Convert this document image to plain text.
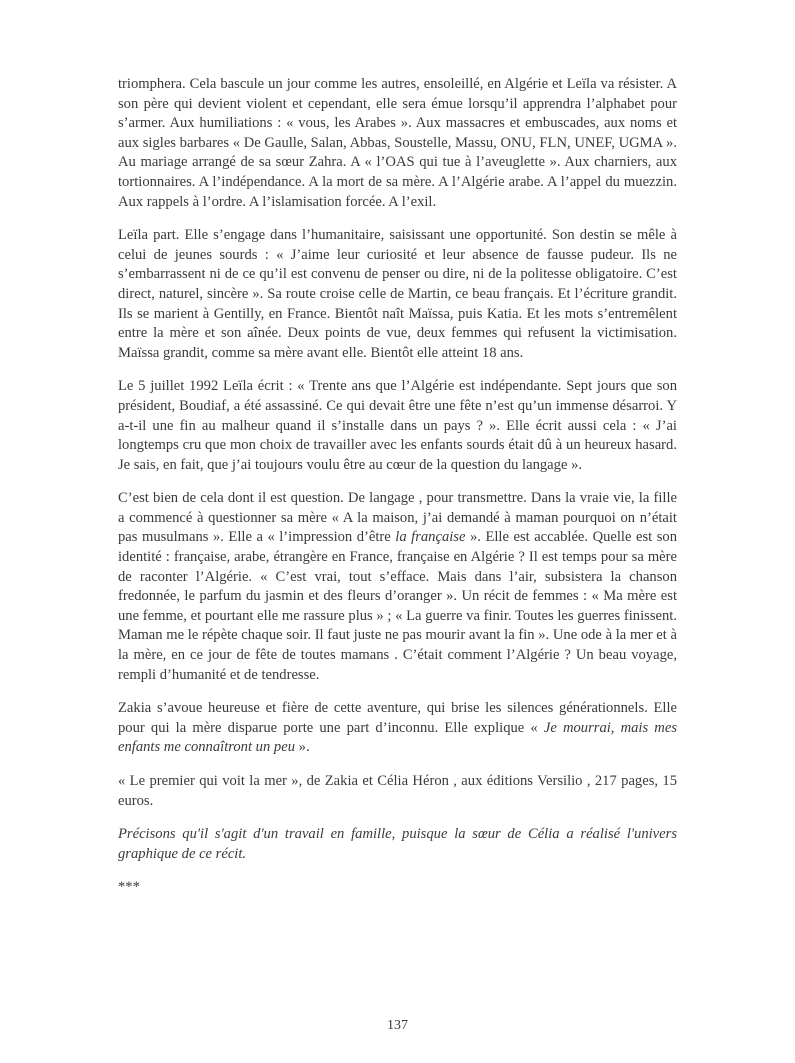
triomphera. Cela bascule un jour comme les autres, ensoleillé, en Algérie et Leïla va résister. A son père qui devient violent et cependant, elle sera émue lorsqu’il apprendra l’alphabet pour s’armer. Aux humiliations : « vous, les Arabes ». Aux massacres et embuscades, aux noms et aux sigles barbares « De Gaulle, Salan, Abbas, Soustelle, Massu, ONU, FLN, UNEF, UGMA ». Au mariage arrangé de sa sœur Zahra. A « l’OAS qui tue à l’aveuglette ». Aux charniers, aux tortionnaires. A l’indépendance. A la mort de sa mère. A l’Algérie arabe. A l’appel du muezzin. Aux rappels à l’ordre. A l’islamisation forcée. A l’exil.

Leïla part. Elle s’engage dans l’humanitaire, saisissant une opportunité. Son destin se mêle à celui de jeunes sourds : « J’aime leur curiosité et leur absence de fausse pudeur. Ils ne s’embarrassent ni de ce qu’il est convenu de penser ou dire, ni de la politesse obligatoire. C’est direct, naturel, sincère ». Sa route croise celle de Martin, ce beau français. Et l’écriture grandit. Ils se marient à Gentilly, en France. Bientôt naît Maïssa, puis Katia. Et les mots s’entremêlent entre la mère et son aînée. Deux points de vue, deux femmes qui refusent la victimisation. Maïssa grandit, comme sa mère avant elle. Bientôt elle atteint 18 ans.

Le 5 juillet 1992 Leïla écrit : « Trente ans que l’Algérie est indépendante. Sept jours que son président, Boudiaf, a été assassiné. Ce qui devait être une fête n’est qu’un immense désarroi. Y a-t-il une fin au malheur quand il s’installe dans un pays ? ». Elle écrit aussi cela : « J’ai longtemps cru que mon choix de travailler avec les enfants sourds était dû à un heureux hasard. Je sais, en fait, que j’ai toujours voulu être au cœur de la question du langage ».

C’est bien de cela dont il est question. De langage , pour transmettre. Dans la vraie vie, la fille a commencé à questionner sa mère « A la maison, j’ai demandé à maman pourquoi on n’était pas musulmans ». Elle a « l’impression d’être la française ». Elle est accablée. Quelle est son identité : française, arabe, étrangère en France, française en Algérie ? Il est temps pour sa mère de raconter l’Algérie. « C’est vrai, tout s’efface. Mais dans l’air, subsistera la chanson fredonnée, le parfum du jasmin et des fleurs d’oranger ». Un récit de femmes : « Ma mère est une femme, et pourtant elle me rassure plus » ; « La guerre va finir. Toutes les guerres finissent. Maman me le répète chaque soir. Il faut juste ne pas mourir avant la fin ». Une ode à la mer et à la mère, en ce jour de fête de toutes mamans . C’était comment l’Algérie ? Un beau voyage, rempli d’humanité et de tendresse.

Zakia s’avoue heureuse et fière de cette aventure, qui brise les silences générationnels. Elle pour qui la mère disparue porte une part d’inconnu. Elle explique « Je mourrai, mais mes enfants me connaîtront un peu ».

« Le premier qui voit la mer », de Zakia et Célia Héron , aux éditions Versilio , 217 pages, 15 euros.

Précisons qu'il s'agit d'un travail en famille, puisque la sœur de Célia a réalisé l'univers graphique de ce récit.

***
137
